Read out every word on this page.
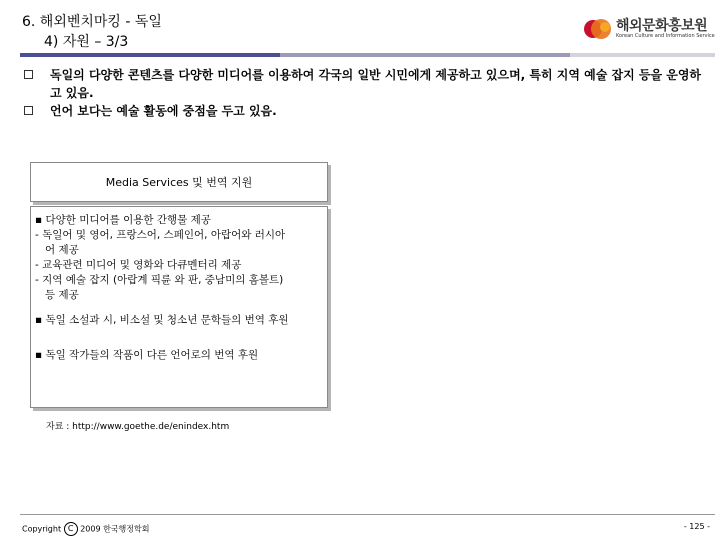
6. 해외벤치마킹 - 독일
4) 자원 – 3/3
해외문화홍보원
Korean Culture and Information Service

독일의 다양한 콘텐츠를 다양한 미디어를 이용하여 각국의 일반 시민에게 제공하고 있으며, 특히 지역 예술 잡지 등을 운영하고 있음.

언어 보다는 예술 활동에 중점을 두고 있음.

Media Services 및 번역 지원

▪ 다양한 미디어를 이용한 간행물 제공

- 독일어 및 영어, 프랑스어, 스페인어, 아랍어와 러시아

어 제공

- 교육관련 미디어 및 영화와 다큐멘터리 제공

- 지역 예술 잡지 (아랍계 픽륜 와 판, 중남미의 홈볼트)

등 제공

▪ 독일 소설과 시, 비소설 및 청소년 문학들의 번역 후원

▪ 독일 작가들의 작품이 다른 언어로의 번역 후원

자료 : http://www.goethe.de/enindex.htm
Copyright C 2009 한국행정학회	- 125 -
